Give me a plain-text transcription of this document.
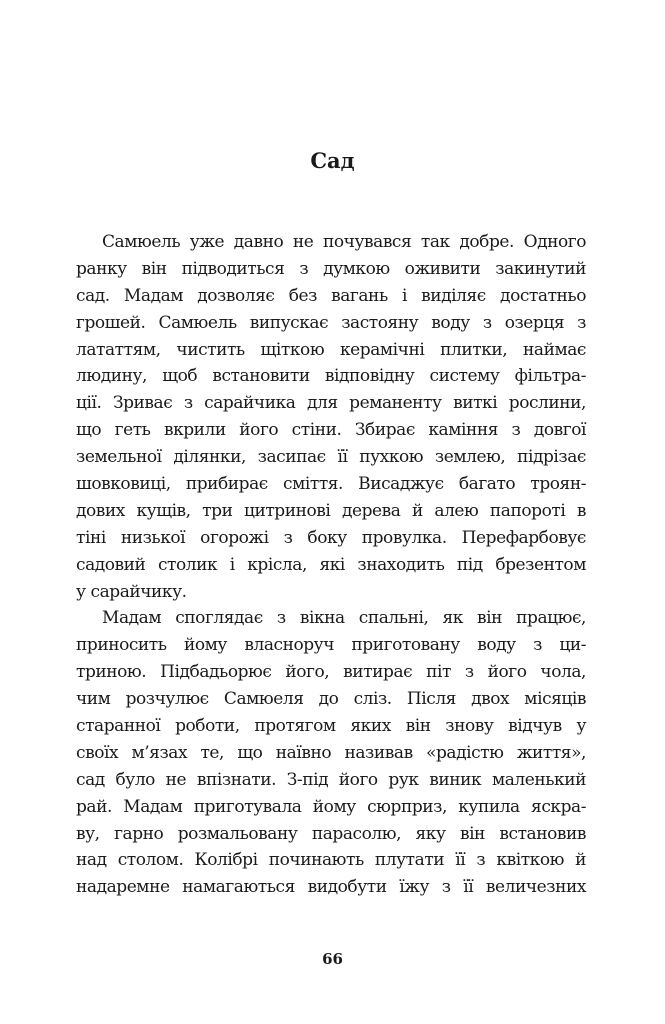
Сад
Самюель уже давно не почувався так добре. Одного
ранку він підводиться з думкою оживити закинутий
сад. Мадам дозволяє без вагань і виділяє достатньо
грошей. Самюель випускає застояну воду з озерця з
лататтям, чистить щіткою керамічні плитки, наймає
людину, щоб встановити відповідну систему фільтра-
ції. Зриває з сарайчика для реманенту виткі рослини,
що геть вкрили його стіни. Збирає каміння з довгої
земельної ділянки, засипає її пухкою землею, підрізає
шовковиці, прибирає сміття. Висаджує багато троян-
дових кущів, три цитринові дерева й алею папороті в
тіні низької огорожі з боку провулка. Перефарбовує
садовий столик і крісла, які знаходить під брезентом
у сарайчику.
Мадам споглядає з вікна спальні, як він працює,
приносить йому власноруч приготовану воду з ци-
триною. Підбадьорює його, витирає піт з його чола,
чим розчулює Самюеля до сліз. Після двох місяців
старанної роботи, протягом яких він знову відчув у
своїх м’язах те, що наївно називав «радістю життя»,
сад було не впізнати. З-під його рук виник маленький
рай. Мадам приготувала йому сюрприз, купила яскра-
ву, гарно розмальовану парасолю, яку він встановив
над столом. Колібрі починають плутати її з квіткою й
надаремне намагаються видобути їжу з її величезних
66
